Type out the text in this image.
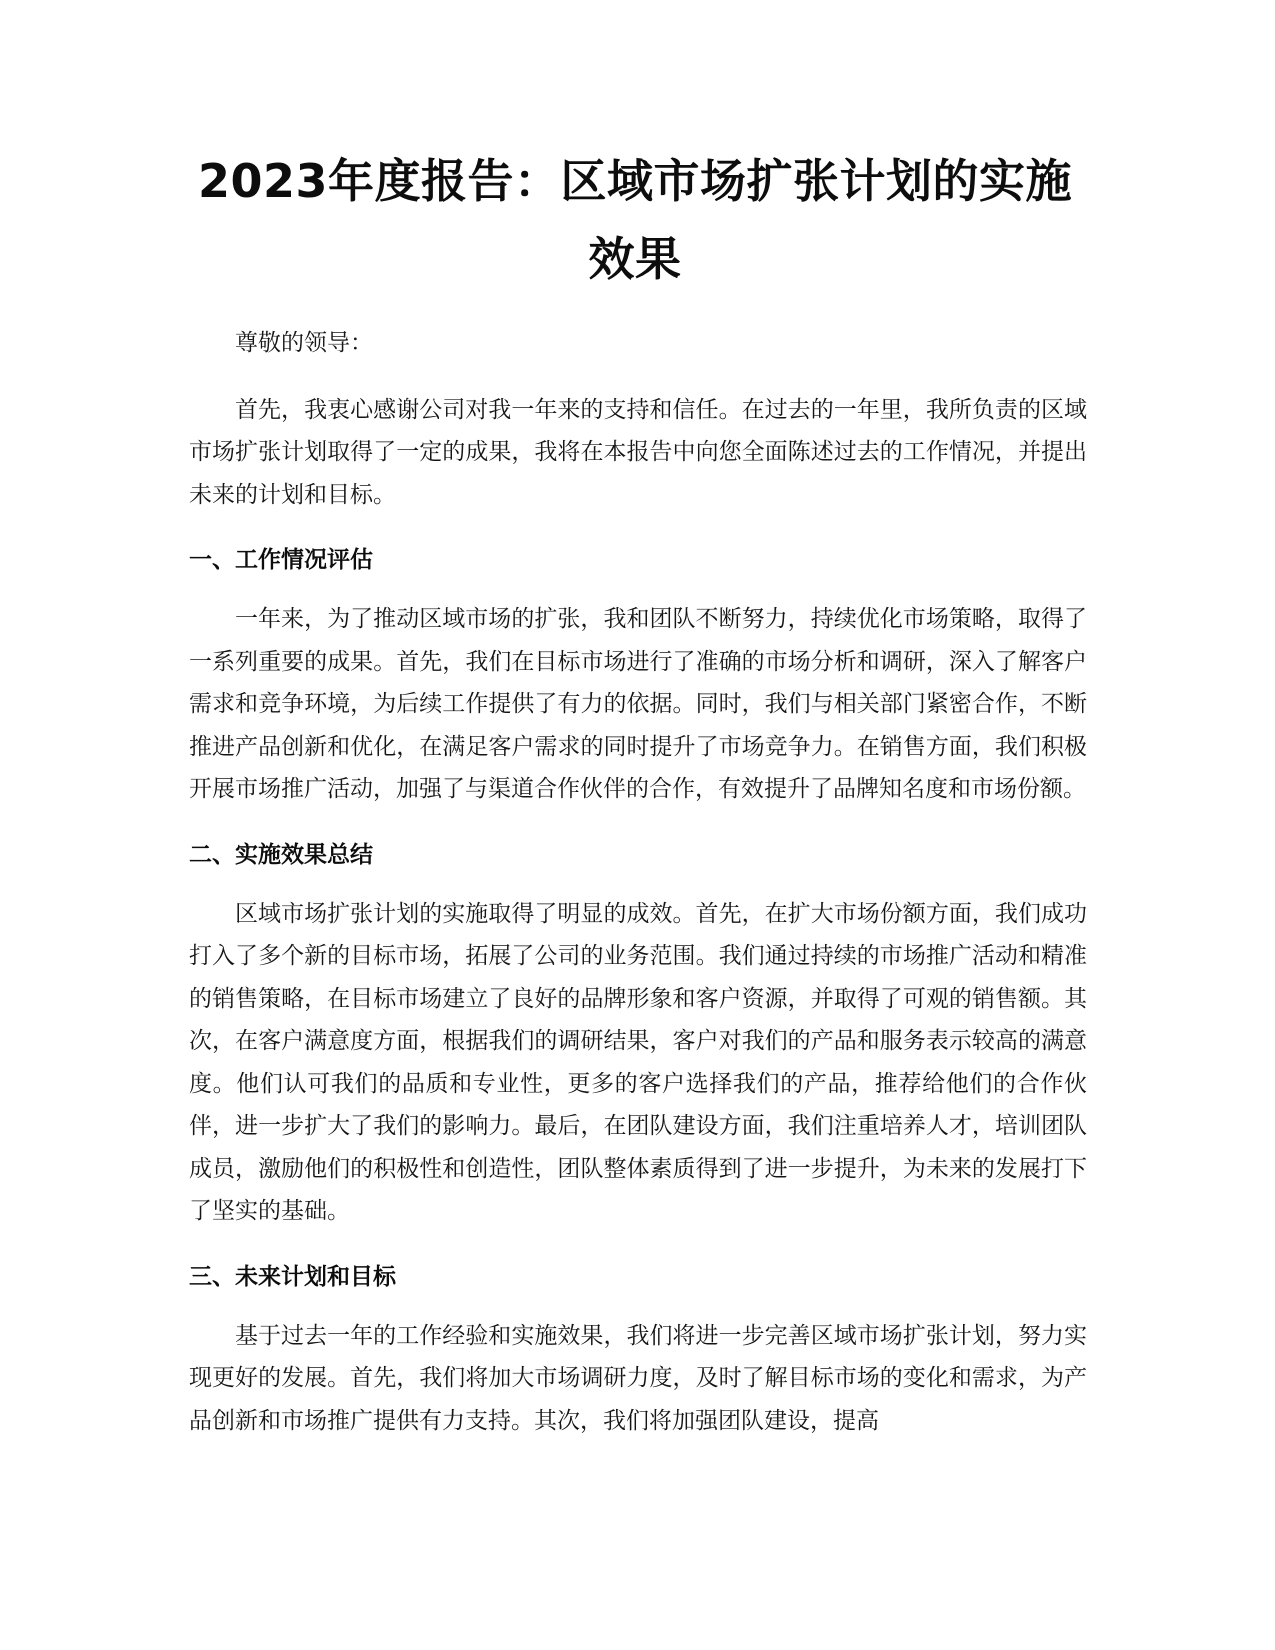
2023年度报告：区域市场扩张计划的实施效果

尊敬的领导：

首先，我衷心感谢公司对我一年来的支持和信任。在过去的一年里，我所负责的区域市场扩张计划取得了一定的成果，我将在本报告中向您全面陈述过去的工作情况，并提出未来的计划和目标。

一、工作情况评估

一年来，为了推动区域市场的扩张，我和团队不断努力，持续优化市场策略，取得了一系列重要的成果。首先，我们在目标市场进行了准确的市场分析和调研，深入了解客户需求和竞争环境，为后续工作提供了有力的依据。同时，我们与相关部门紧密合作，不断推进产品创新和优化，在满足客户需求的同时提升了市场竞争力。在销售方面，我们积极开展市场推广活动，加强了与渠道合作伙伴的合作，有效提升了品牌知名度和市场份额。

二、实施效果总结

区域市场扩张计划的实施取得了明显的成效。首先，在扩大市场份额方面，我们成功打入了多个新的目标市场，拓展了公司的业务范围。我们通过持续的市场推广活动和精准的销售策略，在目标市场建立了良好的品牌形象和客户资源，并取得了可观的销售额。其次，在客户满意度方面，根据我们的调研结果，客户对我们的产品和服务表示较高的满意度。他们认可我们的品质和专业性，更多的客户选择我们的产品，推荐给他们的合作伙伴，进一步扩大了我们的影响力。最后，在团队建设方面，我们注重培养人才，培训团队成员，激励他们的积极性和创造性，团队整体素质得到了进一步提升，为未来的发展打下了坚实的基础。

三、未来计划和目标

基于过去一年的工作经验和实施效果，我们将进一步完善区域市场扩张计划，努力实现更好的发展。首先，我们将加大市场调研力度，及时了解目标市场的变化和需求，为产品创新和市场推广提供有力支持。其次，我们将加强团队建设，提高
